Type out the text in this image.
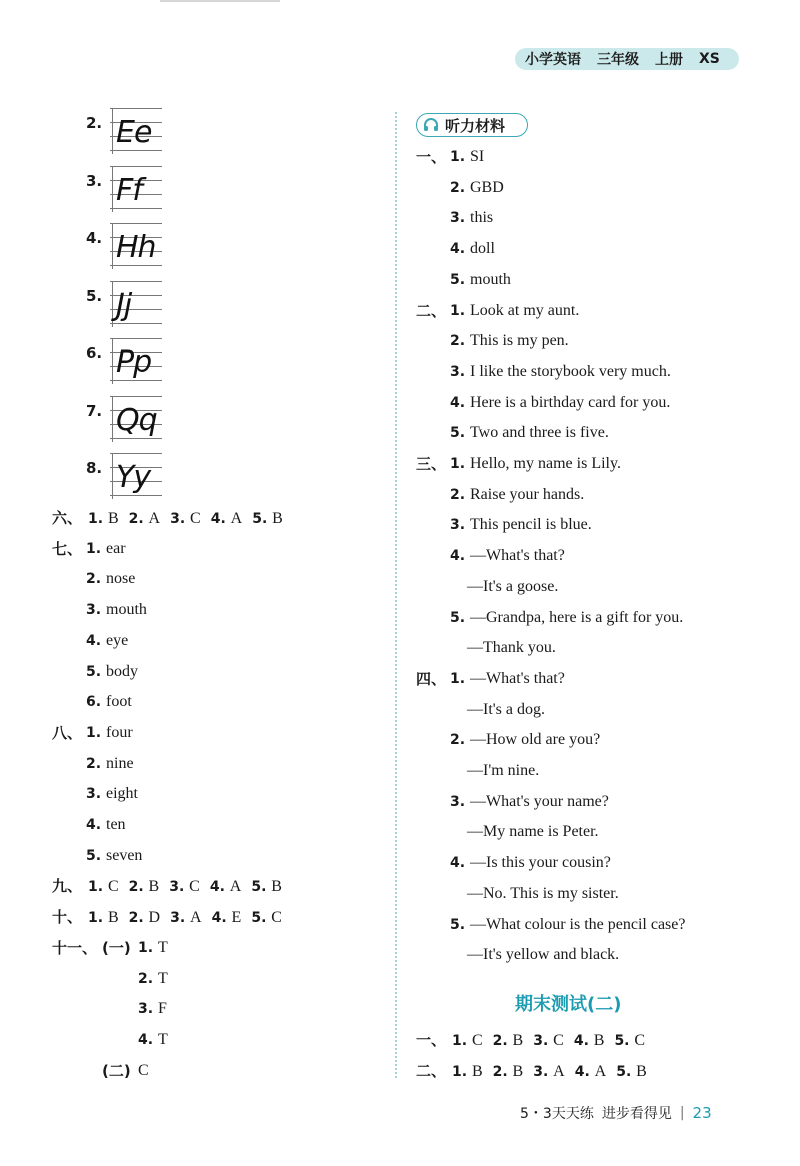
小学英语 三年级 上册 XS
2. Ee
3. Ff
4. Hh
5. Jj
6. Pp
7. Qq
8. Yy
六、 1. B 2. A 3. C 4. A 5. B
七、 1. ear
2. nose
3. mouth
4. eye
5. body
6. foot
八、 1. four
2. nine
3. eight
4. ten
5. seven
九、 1. C 2. B 3. C 4. A 5. B
十、 1. B 2. D 3. A 4. E 5. C
十一、 (一) 1. T
2. T
3. F
4. T
(二) C
听力材料
一、 1. SI
2. GBD
3. this
4. doll
5. mouth
二、 1. Look at my aunt.
2. This is my pen.
3. I like the storybook very much.
4. Here is a birthday card for you.
5. Two and three is five.
三、 1. Hello, my name is Lily.
2. Raise your hands.
3. This pencil is blue.
4. —What's that?
—It's a goose.
5. —Grandpa, here is a gift for you.
—Thank you.
四、 1. —What's that?
—It's a dog.
2. —How old are you?
—I'm nine.
3. —What's your name?
—My name is Peter.
4. —Is this your cousin?
—No. This is my sister.
5. —What colour is the pencil case?
—It's yellow and black.
期末测试(二)
一、 1. C 2. B 3. C 4. B 5. C
二、 1. B 2. B 3. A 4. A 5. B
5・3天天练 进步看得见 | 23
